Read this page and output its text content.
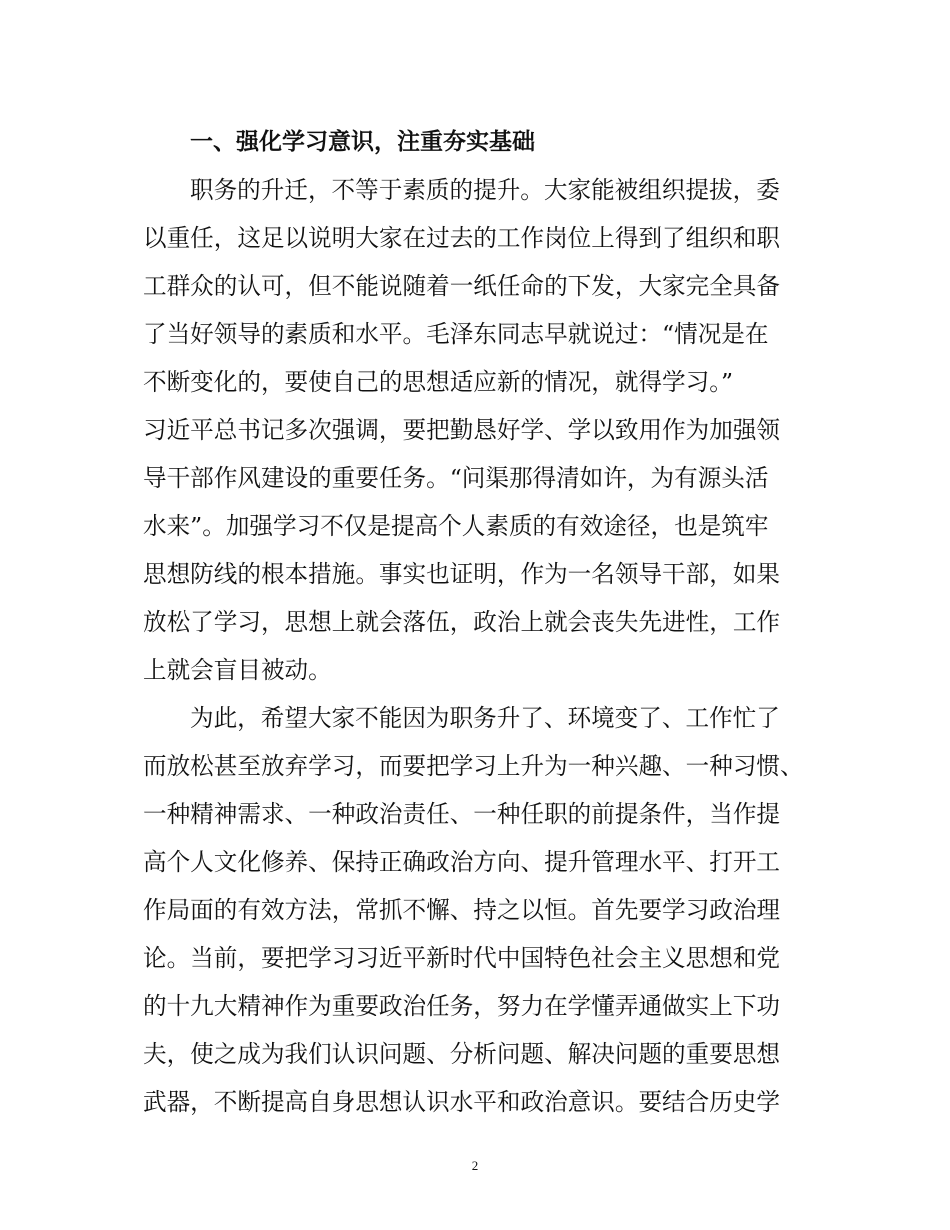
一、强化学习意识，注重夯实基础
职务的升迁，不等于素质的提升。大家能被组织提拔，委
以重任，这足以说明大家在过去的工作岗位上得到了组织和职
工群众的认可，但不能说随着一纸任命的下发，大家完全具备
了当好领导的素质和水平。毛泽东同志早就说过：“情况是在
不断变化的，要使自己的思想适应新的情况，就得学习。”
习近平总书记多次强调，要把勤恳好学、学以致用作为加强领
导干部作风建设的重要任务。“问渠那得清如许，为有源头活
水来”。加强学习不仅是提高个人素质的有效途径，也是筑牢
思想防线的根本措施。事实也证明，作为一名领导干部，如果
放松了学习，思想上就会落伍，政治上就会丧失先进性，工作
上就会盲目被动。
为此，希望大家不能因为职务升了、环境变了、工作忙了
而放松甚至放弃学习，而要把学习上升为一种兴趣、一种习惯、
一种精神需求、一种政治责任、一种任职的前提条件，当作提
高个人文化修养、保持正确政治方向、提升管理水平、打开工
作局面的有效方法，常抓不懈、持之以恒。首先要学习政治理
论。当前，要把学习习近平新时代中国特色社会主义思想和党
的十九大精神作为重要政治任务，努力在学懂弄通做实上下功
夫，使之成为我们认识问题、分析问题、解决问题的重要思想
武器，不断提高自身思想认识水平和政治意识。要结合历史学
2
